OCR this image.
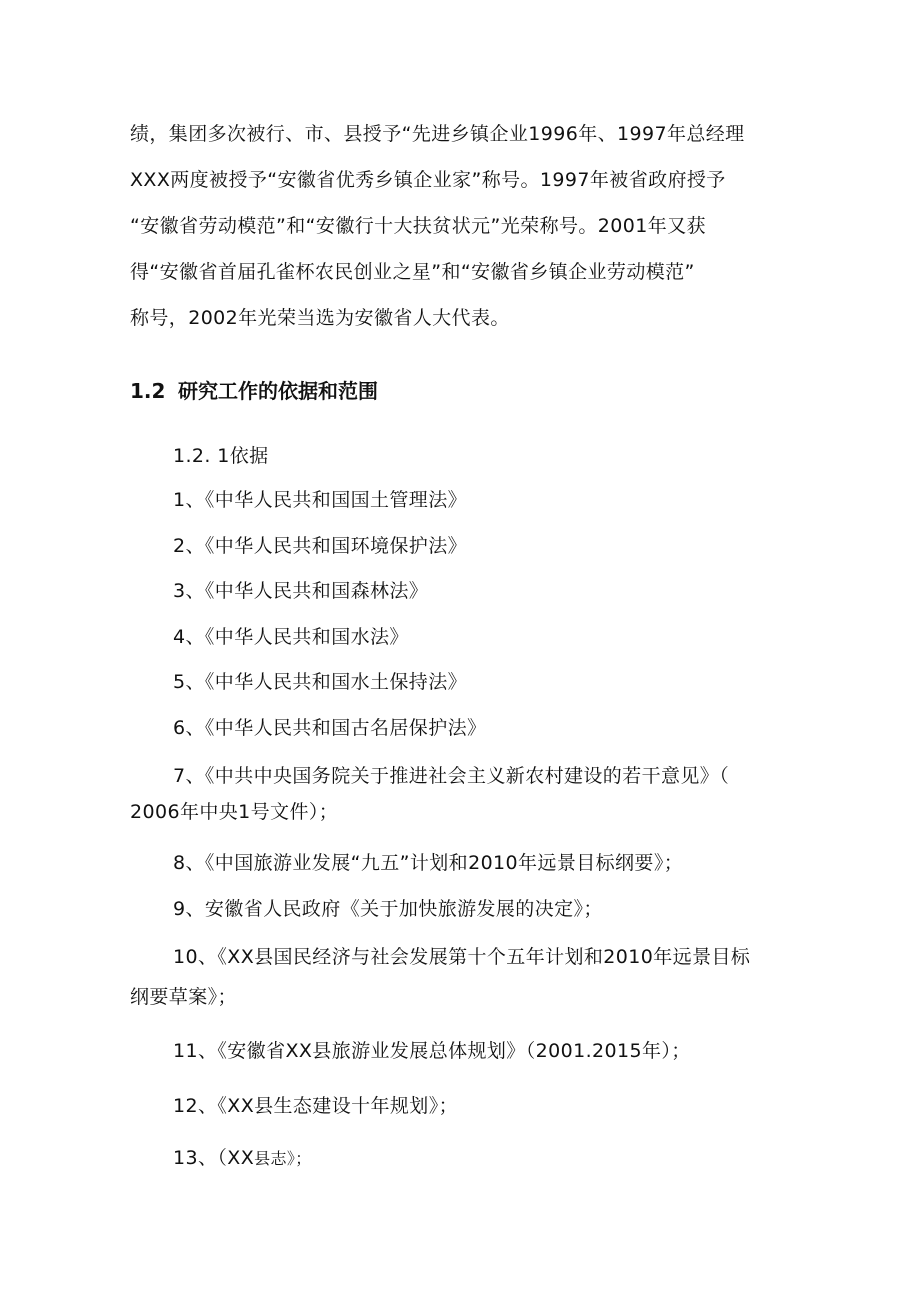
绩，集团多次被行、市、县授予“先进乡镇企业1996年、1997年总经理
XXX两度被授予“安徽省优秀乡镇企业家”称号。1997年被省政府授予
“安徽省劳动模范”和“安徽行十大扶贫状元”光荣称号。2001年又获
得“安徽省首届孔雀杯农民创业之星”和“安徽省乡镇企业劳动模范”
称号，2002年光荣当选为安徽省人大代表。
1.2 研究工作的依据和范围
1.2. 1依据
1、《中华人民共和国国土管理法》
2、《中华人民共和国环境保护法》
3、《中华人民共和国森林法》
4、《中华人民共和国水法》
5、《中华人民共和国水土保持法》
6、《中华人民共和国古名居保护法》
7、《中共中央国务院关于推进社会主义新农村建设的若干意见》（
2006年中央1号文件）；
8、《中国旅游业发展“九五”计划和2010年远景目标纲要》；
9、安徽省人民政府《关于加快旅游发展的决定》；
10、《XX县国民经济与社会发展第十个五年计划和2010年远景目标
纲要草案》；
11、《安徽省XX县旅游业发展总体规划》（2001.2015年）；
12、《XX县生态建设十年规划》；
13、（XX县志》；
